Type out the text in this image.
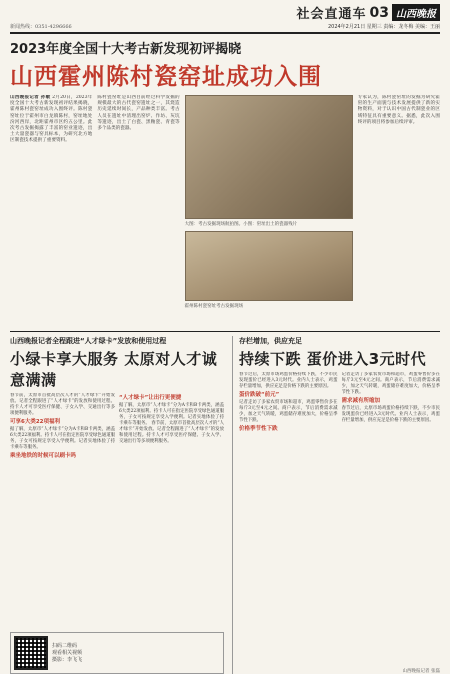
新闻热线：0351-4296666
社会直通车 03 山西晚报
2024年2月21日 星期三 责编：龙冬梅 美编：王丽
2023年度全国十大考古新发现初评揭晓
山西霍州陈村瓷窑址成功入围
山西晚报记者 孙敏 2月20日，2023年度全国十大考古新发现初评结果揭晓，霍州陈村瓷窑址成功入围终评。陈村瓷窑址位于霍州市白龙镇陈村，窑址地处汾河西岸，北距霍州市区约五公里。此次考古发掘揭露了丰富的窑业遗迹，出土大量瓷器与窑具标本，为研究北方地区制瓷技术提供了重要资料。
陈村瓷窑址是山西目前经过科学发掘的规模最大的古代瓷窑遗址之一，其烧造历史延续时间长，产品种类丰富。考古人员在遗址中清理出窑炉、作坊、灰坑等遗迹，出土了白瓷、黑釉瓷、青瓷等多个品类的瓷器。
大图：考古发掘现场航拍图。小图：窑址出土的瓷器残片
霍州陈村瓷窑址考古发掘现场
专家认为，陈村瓷窑址的发掘为研究霍窑的生产面貌与技术发展提供了新的实物资料，对于认识中国古代制瓷业的区域特征具有重要意义。据悉，此次入围终评的项目将参加后续评审。
山西晚报记者全程跟进“人才绿卡”发放和使用过程
小绿卡享大服务 太原对人才诚意满满
春节前，太原市首批高层次人才的“人才绿卡”开始发放。记者全程跟进了“人才绿卡”的发放和使用过程。持卡人才可享受医疗保健、子女入学、交通出行等多项便利服务。
可享6大类22项福利
据了解，太原市“人才绿卡”分为A卡和B卡两类，涵盖6大类22项福利。持卡人可在指定医院享受绿色通道服务，子女可按规定享受入学便利。记者实地体验了持卡乘车等服务。
乘坐地铁的时候可以刷卡吗
“人才绿卡”让出行更便捷
据了解，太原市“人才绿卡”分为A卡和B卡两类，涵盖6大类22项福利。持卡人可在指定医院享受绿色通道服务，子女可按规定享受入学便利。记者实地体验了持卡乘车等服务。 春节前，太原市首批高层次人才的“人才绿卡”开始发放。记者全程跟进了“人才绿卡”的发放和使用过程。持卡人才可享受医疗保健、子女入学、交通出行等多项便利服务。
扫码二维码
观看相关视频
摄影：李飞飞
存栏增加，供应充足
持续下跌 蛋价进入3元时代
春节过后，太原市场鸡蛋价格持续下跌，不少市民发现蛋价已经进入3元时代。业内人士表示，鸡蛋存栏量增加，供应充足是价格下跌的主要原因。
蛋价跌破“前元”
记者走访了多家农贸市场和超市，鸡蛋零售价多在每斤3元至4元之间。商户表示，节后消费需求减少，加之天气转暖，鸡蛋储存难度加大，价格呈季节性下跌。
价格季节性下跌
记者走访了多家农贸市场和超市，鸡蛋零售价多在每斤3元至4元之间。商户表示，节后消费需求减少，加之天气转暖，鸡蛋储存难度加大，价格呈季节性下跌。
需求减有所缩加
春节过后，太原市场鸡蛋价格持续下跌，不少市民发现蛋价已经进入3元时代。业内人士表示，鸡蛋存栏量增加，供应充足是价格下跌的主要原因。
山西晚报记者 张磊
